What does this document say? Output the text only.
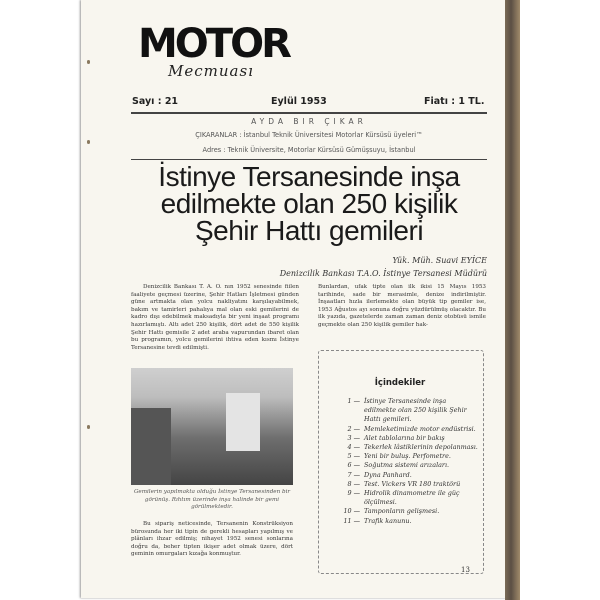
MOTOR
Mecmuası
Sayı : 21	Eylül 1953	Fiatı : 1 TL.
AYDA BIR ÇIKAR
ÇIKARANLAR : İstanbul Teknik Üniversitesi Motorlar Kürsüsü üyeleri™
Adres : Teknik Üniversite, Motorlar Kürsüsü Gümüşsuyu, İstanbul
İstinye Tersanesinde inşa
edilmekte olan 250 kişilik
Şehir Hattı gemileri
Yük. Müh. Suavi EYİCE
Denizcilik Bankası T.A.O. İstinye Tersanesi Müdürü
Denizcilik Bankası T. A. O. nın 1952 senesinde fiilen faaliyete geçmesi üzerine, Şehir Hatları İşletmesi günden güne artmakta olan yolcu nakliyatını karşılayabilmek, bakım ve tamirleri pahalıya mal olan eski gemilerini de kadro dışı edebilmek maksadıyla bir yeni inşaat programı hazırlamıştı. Altı adet 250 kişilik, dört adet de 550 kişilik Şehir Hattı gemisile 2 adet araba vapurundan ibaret olan bu programın, yolcu gemilerini ihtiva eden kısmı İstinye Tersanesine tevdi edilmişti.
Bunlardan, ufak tipte olan ilk ikisi 15 Mayıs 1953 tarihinde, sade bir merasimle, denize indirilmiştir. İnşaatları hızla ilerlemekte olan büyük tip gemiler ise, 1953 Ağustos ayı sonuna doğru yüzdürülmüş olacaktır. Bu ilk yazıda, gazetelerde zaman zaman deniz otobüsü ismile geçmekte olan 250 kişilik gemiler hak-
Gemilerin yapılmakta olduğu İstinye Tersanesinden bir görünüş. Rıhtım üzerinde inşa halinde bir gemi görülmektedir.
Bu sipariş neticesinde, Tersanenin Konstrüksiyon bürosunda her iki tipin de gerekli hesapları yapılmış ve plânları ihzar edilmiş; nihayet 1952 senesi sonlarına doğru da, beher tipten ikişer adet olmak üzere, dört geminin omurgaları kızağa konmuştur.
İçindekiler
1 — İstinye Tersanesinde inşa edilmekte olan 250 kişilik Şehir Hattı gemileri.
2 — Memleketimizde motor endüstrisi.
3 — Alet tablolarına bir bakış
4 — Tekerlek lâstiklerinin depolanması.
5 — Yeni bir buluş. Perfometre.
6 — Soğutma sistemi arızaları.
7 — Dyna Panhard.
8 — Test. Vickers VR 180 traktörü
9 — Hidrolik dinamometre ile güç ölçülmesi.
10 — Tamponların gelişmesi.
11 — Trafik kanunu.
13
